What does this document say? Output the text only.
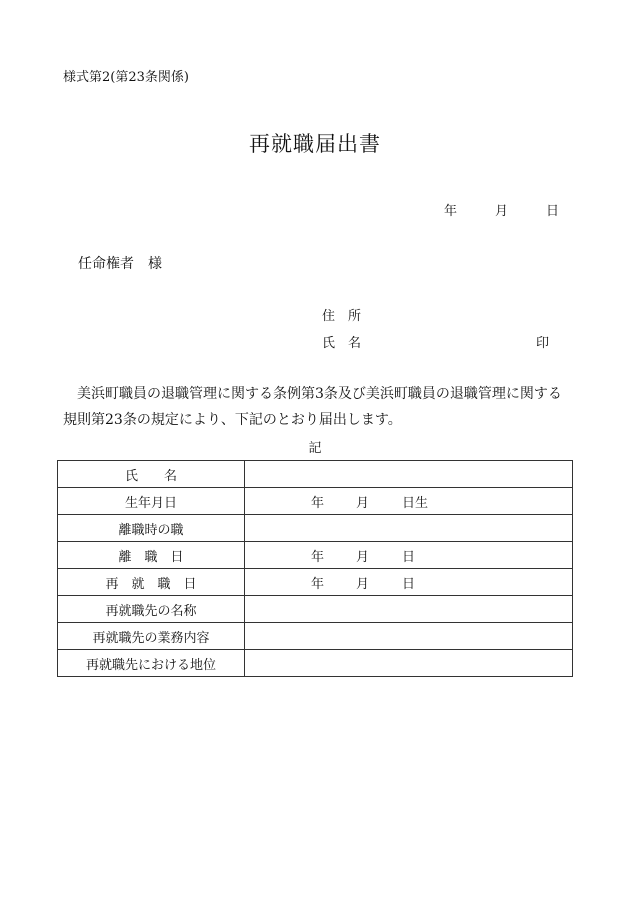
様式第2(第23条関係)
再就職届出書
年	月	日
任命権者 様
住　所
氏　名	印
美浜町職員の退職管理に関する条例第3条及び美浜町職員の退職管理に関する規則第23条の規定により、下記のとおり届出します。
記
氏　　名	
生年月日	年 月 日生
離職時の職	
離　職　日	年 月 日
再　就　職　日	年 月 日
再就職先の名称	
再就職先の業務内容	
再就職先における地位	
